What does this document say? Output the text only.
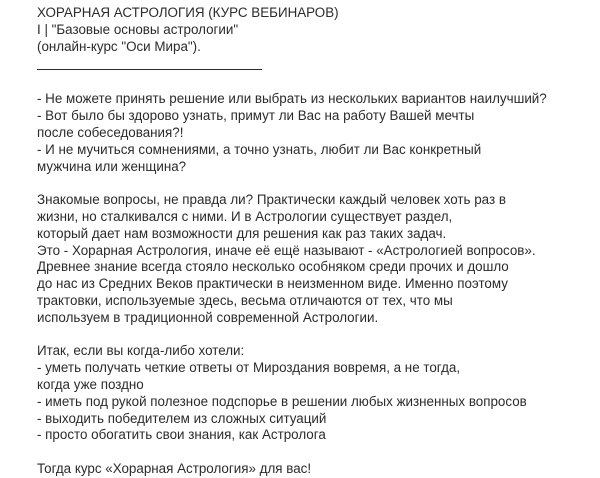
ХОРАРНАЯ АСТРОЛОГИЯ (КУРС ВЕБИНАРОВ)
I | "Базовые основы астрологии"
(онлайн-курс "Оси Мира").
- Не можете принять решение или выбрать из нескольких вариантов наилучший?
- Вот было бы здорово узнать, примут ли Вас на работу Вашей мечты
после собеседования?!
- И не мучиться сомнениями, а точно узнать, любит ли Вас конкретный
мужчина или женщина?
Знакомые вопросы, не правда ли? Практически каждый человек хоть раз в
жизни, но сталкивался с ними. И в Астрологии существует раздел,
который дает нам возможности для решения как раз таких задач.
Это - Хорарная Астрология, иначе её ещё называют - «Астрологией вопросов».
Древнее знание всегда стояло несколько особняком среди прочих и дошло
до нас из Средних Веков практически в неизменном виде. Именно поэтому
трактовки, используемые здесь, весьма отличаются от тех, что мы
используем в традиционной современной Астрологии.
Итак, если вы когда-либо хотели:
- уметь получать четкие ответы от Мироздания вовремя, а не тогда,
когда уже поздно
- иметь под рукой полезное подспорье в решении любых жизненных вопросов
- выходить победителем из сложных ситуаций
- просто обогатить свои знания, как Астролога
Тогда курс «Хорарная Астрология» для вас!
